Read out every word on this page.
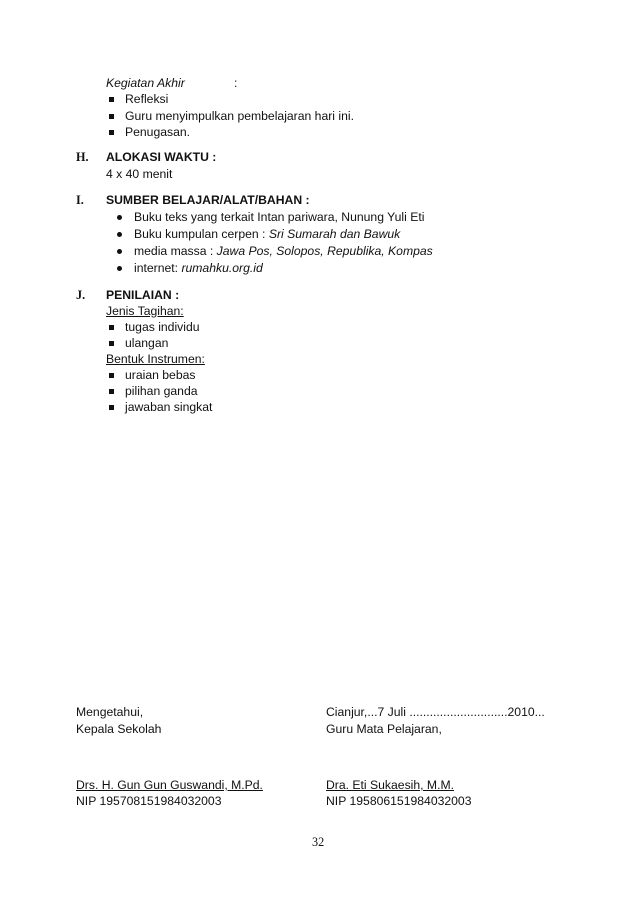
Kegiatan Akhir	:
Refleksi
Guru menyimpulkan pembelajaran hari ini.
Penugasan.
H. ALOKASI WAKTU :
4 x 40 menit
I. SUMBER BELAJAR/ALAT/BAHAN :
Buku teks yang terkait Intan pariwara, Nunung Yuli Eti
Buku kumpulan cerpen : Sri Sumarah dan Bawuk
media massa : Jawa Pos, Solopos, Republika, Kompas
internet: rumahku.org.id
J. PENILAIAN :
Jenis Tagihan:
tugas individu
ulangan
Bentuk Instrumen:
uraian bebas
pilihan ganda
jawaban singkat
Mengetahui,
Kepala Sekolah
Drs. H. Gun Gun Guswandi, M.Pd.
NIP 195708151984032003
Cianjur,...7 Juli .............................2010...
Guru Mata Pelajaran,
Dra. Eti Sukaesih, M.M.
NIP 195806151984032003
32
